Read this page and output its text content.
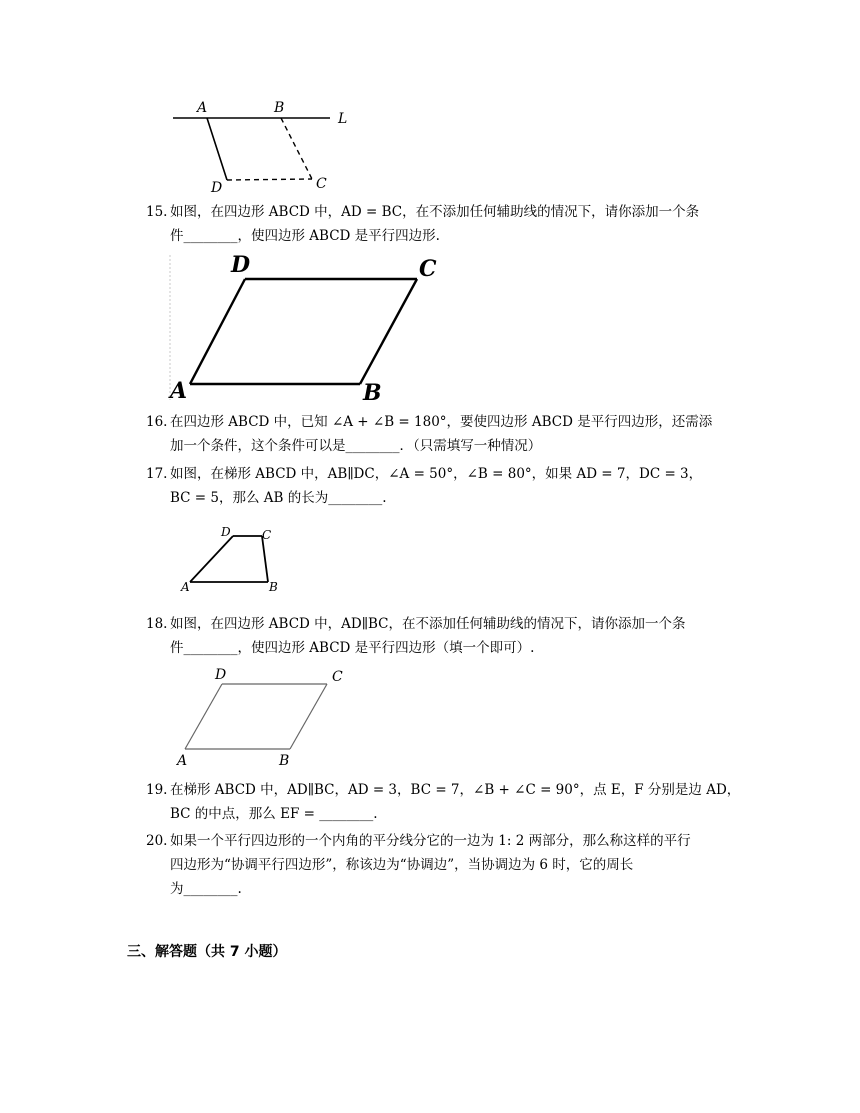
A	B
L
D	C
15. 如图，在四边形 ABCD 中，AD = BC，在不添加任何辅助线的情况下，请你添加一个条
件________，使四边形 ABCD 是平行四边形.
D	C
A	B
16. 在四边形 ABCD 中，已知 ∠A + ∠B = 180°，要使四边形 ABCD 是平行四边形，还需添
加一个条件，这个条件可以是________．（只需填写一种情况）
17. 如图，在梯形 ABCD 中，AB∥DC，∠A = 50°，∠B = 80°，如果 AD = 7，DC = 3，
BC = 5，那么 AB 的长为________.
D	C
A	B
18. 如图，在四边形 ABCD 中，AD∥BC，在不添加任何辅助线的情况下，请你添加一个条
件________，使四边形 ABCD 是平行四边形（填一个即可）.
D	C
A	B
19. 在梯形 ABCD 中，AD∥BC，AD = 3，BC = 7，∠B + ∠C = 90°，点 E，F 分别是边 AD，
BC 的中点，那么 EF = ________.
20. 如果一个平行四边形的一个内角的平分线分它的一边为 1: 2 两部分，那么称这样的平行
四边形为“协调平行四边形”，称该边为“协调边”，当协调边为 6 时，它的周长
为________.
三、解答题（共 7 小题）
